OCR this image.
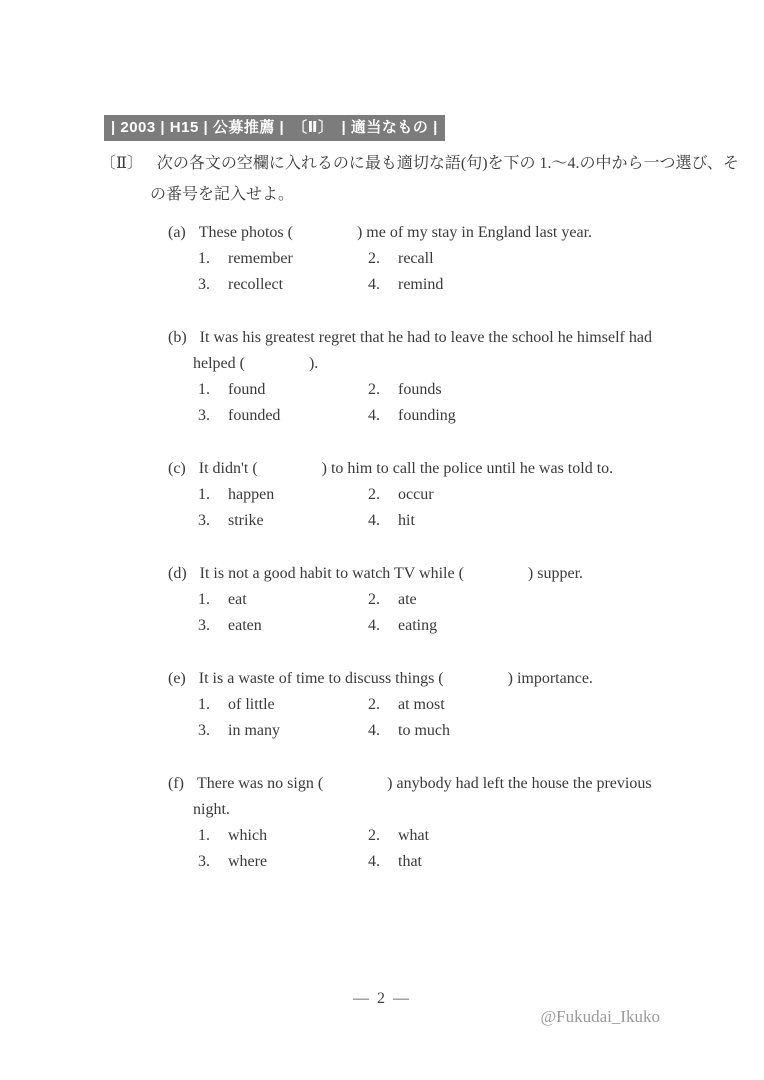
| 2003 | H15 | 公募推薦 |　〔Ⅱ〕　| 適当なもの |
〔Ⅱ〕 次の各文の空欄に入れるのに最も適切な語(句)を下の 1.～4.の中から一つ選び、その番号を記入せよ。
(a) These photos (　　　　) me of my stay in England last year.
1.	remember	2.	recall
3.	recollect	4.	remind
(b) It was his greatest regret that he had to leave the school he himself had helped (　　　　).
1.	found	2.	founds
3.	founded	4.	founding
(c) It didn't (　　　　) to him to call the police until he was told to.
1.	happen	2.	occur
3.	strike	4.	hit
(d) It is not a good habit to watch TV while (　　　　) supper.
1.	eat	2.	ate
3.	eaten	4.	eating
(e) It is a waste of time to discuss things (　　　　) importance.
1.	of little	2.	at most
3.	in many	4.	to much
(f) There was no sign (　　　　) anybody had left the house the previous night.
1.	which	2.	what
3.	where	4.	that
— 2 —
@Fukudai_Ikuko
